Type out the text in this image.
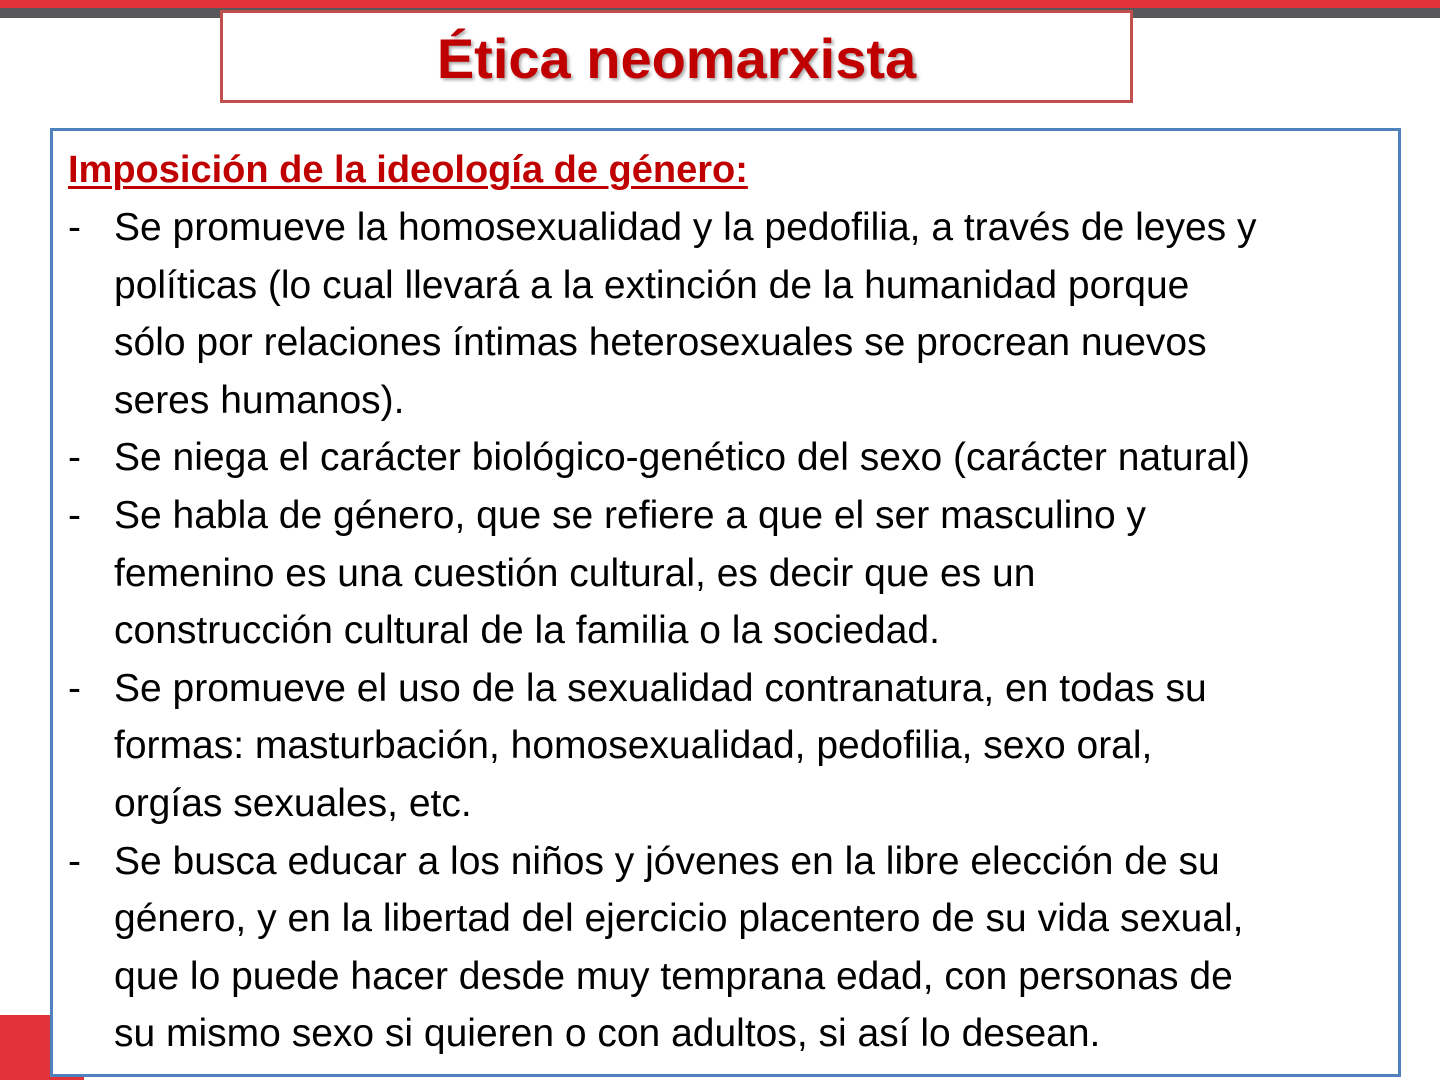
Ética neomarxista
Imposición de la ideología de género:
- Se promueve la homosexualidad y la pedofilia, a través de leyes y
políticas (lo cual llevará a la extinción de la humanidad porque
sólo por relaciones íntimas heterosexuales se procrean nuevos
seres humanos).
- Se niega el carácter biológico-genético del sexo (carácter natural)
- Se habla de género, que se refiere a que el ser masculino y
femenino es una cuestión cultural, es decir que es un
construcción cultural de la familia o la sociedad.
- Se promueve el uso de la sexualidad contranatura, en todas su
formas: masturbación, homosexualidad, pedofilia, sexo oral,
orgías sexuales, etc.
- Se busca educar a los niños y jóvenes en la libre elección de su
género, y en la libertad del ejercicio placentero de su vida sexual,
que lo puede hacer desde muy temprana edad, con personas de
su mismo sexo si quieren o con adultos, si así lo desean.
